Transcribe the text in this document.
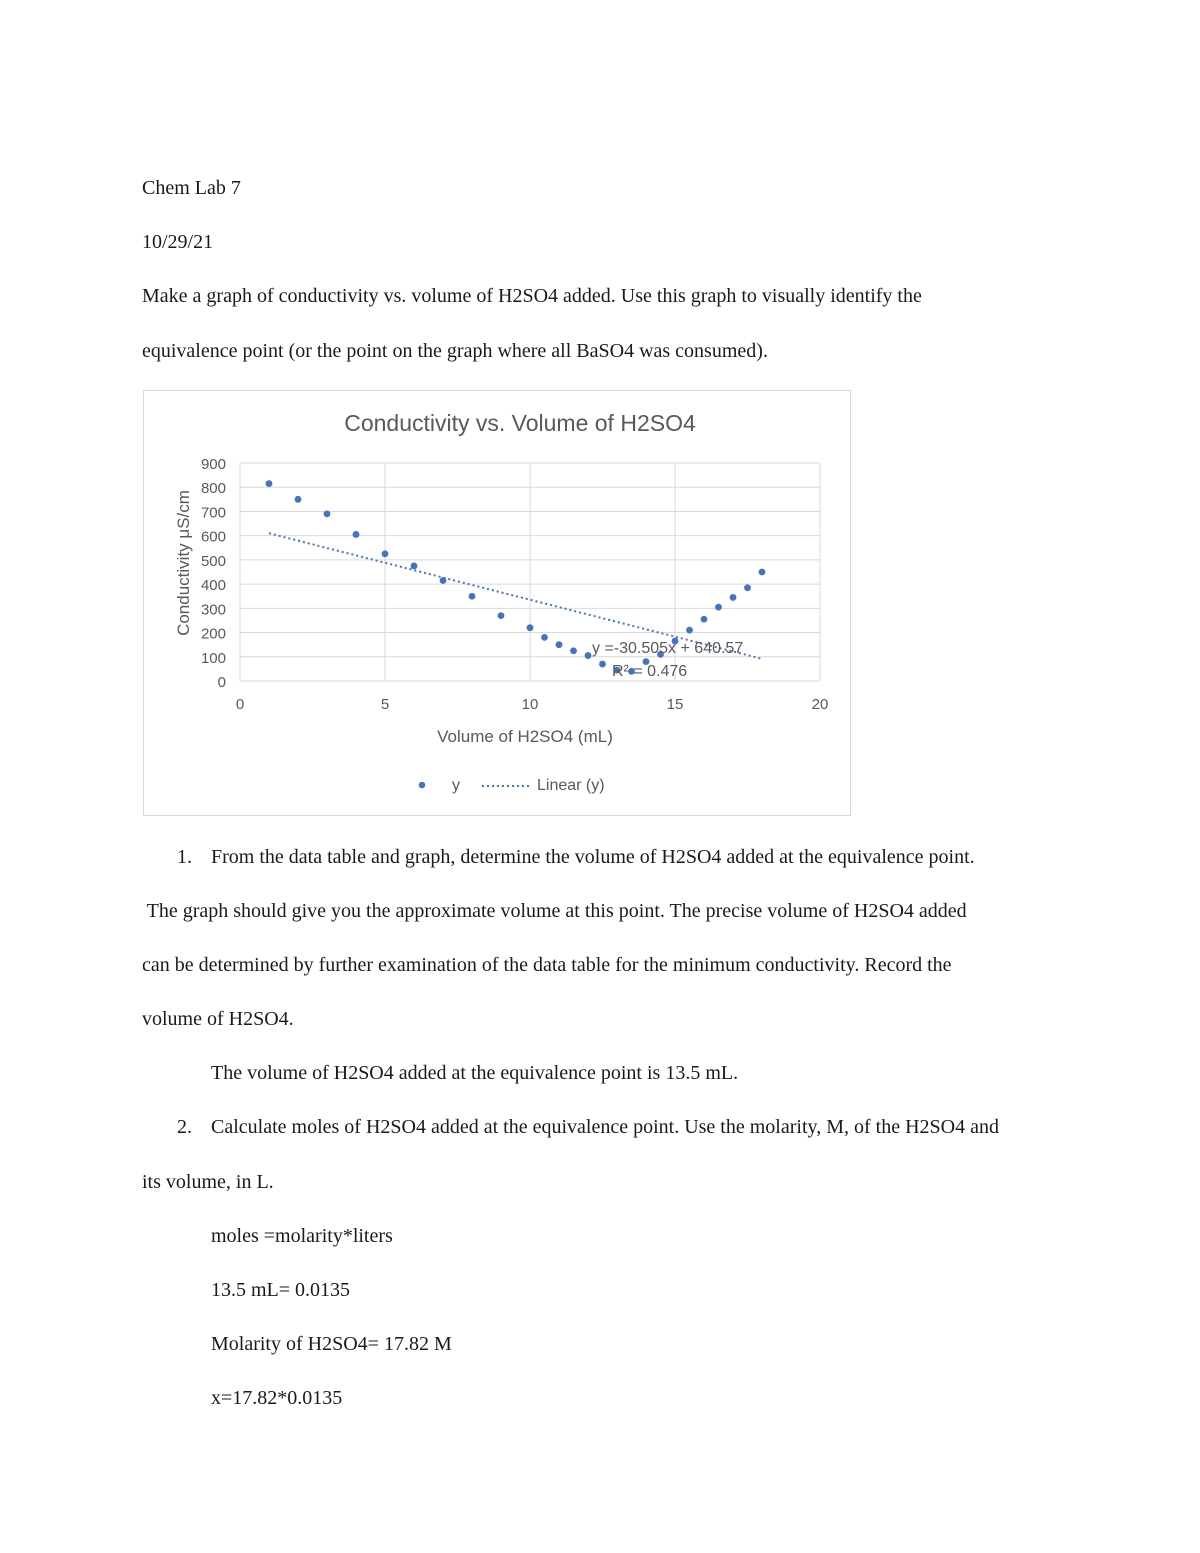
Chem Lab 7
10/29/21
Make a graph of conductivity vs. volume of H2SO4 added. Use this graph to visually identify the
equivalence point (or the point on the graph where all BaSO4 was consumed).
Conductivity vs. Volume of H2SO4
0
100
200
300
400
500
600
700
800
900
0	5	10	15	20
Volume of H2SO4 (mL)
Conductivity μS/cm
y =-30.505x + 640.57
R² = 0.476
y	Linear (y)
1. From the data table and graph, determine the volume of H2SO4 added at the equivalence point.
The graph should give you the approximate volume at this point. The precise volume of H2SO4 added
can be determined by further examination of the data table for the minimum conductivity. Record the
volume of H2SO4.
The volume of H2SO4 added at the equivalence point is 13.5 mL.
2. Calculate moles of H2SO4 added at the equivalence point. Use the molarity, M, of the H2SO4 and
its volume, in L.
moles =molarity*liters
13.5 mL= 0.0135
Molarity of H2SO4= 17.82 M
x=17.82*0.0135
